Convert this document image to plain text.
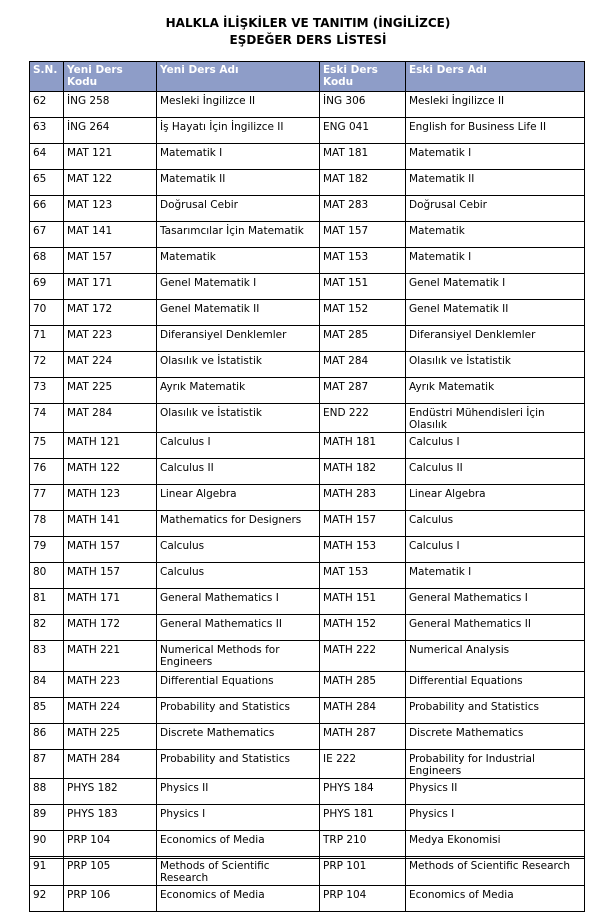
HALKLA İLİŞKİLER VE TANITIM (İNGİLİZCE)
EŞDEĞER DERS LİSTESİ
S.N.	Yeni Ders Kodu	Yeni Ders Adı	Eski Ders Kodu	Eski Ders Adı
62	İNG 258	Mesleki İngilizce II	İNG 306	Mesleki İngilizce II
63	İNG 264	İş Hayatı İçin İngilizce II	ENG 041	English for Business Life II
64	MAT 121	Matematik I	MAT 181	Matematik I
65	MAT 122	Matematik II	MAT 182	Matematik II
66	MAT 123	Doğrusal Cebir	MAT 283	Doğrusal Cebir
67	MAT 141	Tasarımcılar İçin Matematik	MAT 157	Matematik
68	MAT 157	Matematik	MAT 153	Matematik I
69	MAT 171	Genel Matematik I	MAT 151	Genel Matematik I
70	MAT 172	Genel Matematik II	MAT 152	Genel Matematik II
71	MAT 223	Diferansiyel Denklemler	MAT 285	Diferansiyel Denklemler
72	MAT 224	Olasılık ve İstatistik	MAT 284	Olasılık ve İstatistik
73	MAT 225	Ayrık Matematik	MAT 287	Ayrık Matematik
74	MAT 284	Olasılık ve İstatistik	END 222	Endüstri Mühendisleri İçin Olasılık
75	MATH 121	Calculus I	MATH 181	Calculus I
76	MATH 122	Calculus II	MATH 182	Calculus II
77	MATH 123	Linear Algebra	MATH 283	Linear Algebra
78	MATH 141	Mathematics for Designers	MATH 157	Calculus
79	MATH 157	Calculus	MATH 153	Calculus I
80	MATH 157	Calculus	MAT 153	Matematik I
81	MATH 171	General Mathematics I	MATH 151	General Mathematics I
82	MATH 172	General Mathematics II	MATH 152	General Mathematics II
83	MATH 221	Numerical Methods for Engineers	MATH 222	Numerical Analysis
84	MATH 223	Differential Equations	MATH 285	Differential Equations
85	MATH 224	Probability and Statistics	MATH 284	Probability and Statistics
86	MATH 225	Discrete Mathematics	MATH 287	Discrete Mathematics
87	MATH 284	Probability and Statistics	IE 222	Probability for Industrial Engineers
88	PHYS 182	Physics II	PHYS 184	Physics II
89	PHYS 183	Physics I	PHYS 181	Physics I
90	PRP 104	Economics of Media	TRP 210	Medya Ekonomisi
91	PRP 105	Methods of Scientific Research	PRP 101	Methods of Scientific Research
92	PRP 106	Economics of Media	PRP 104	Economics of Media
